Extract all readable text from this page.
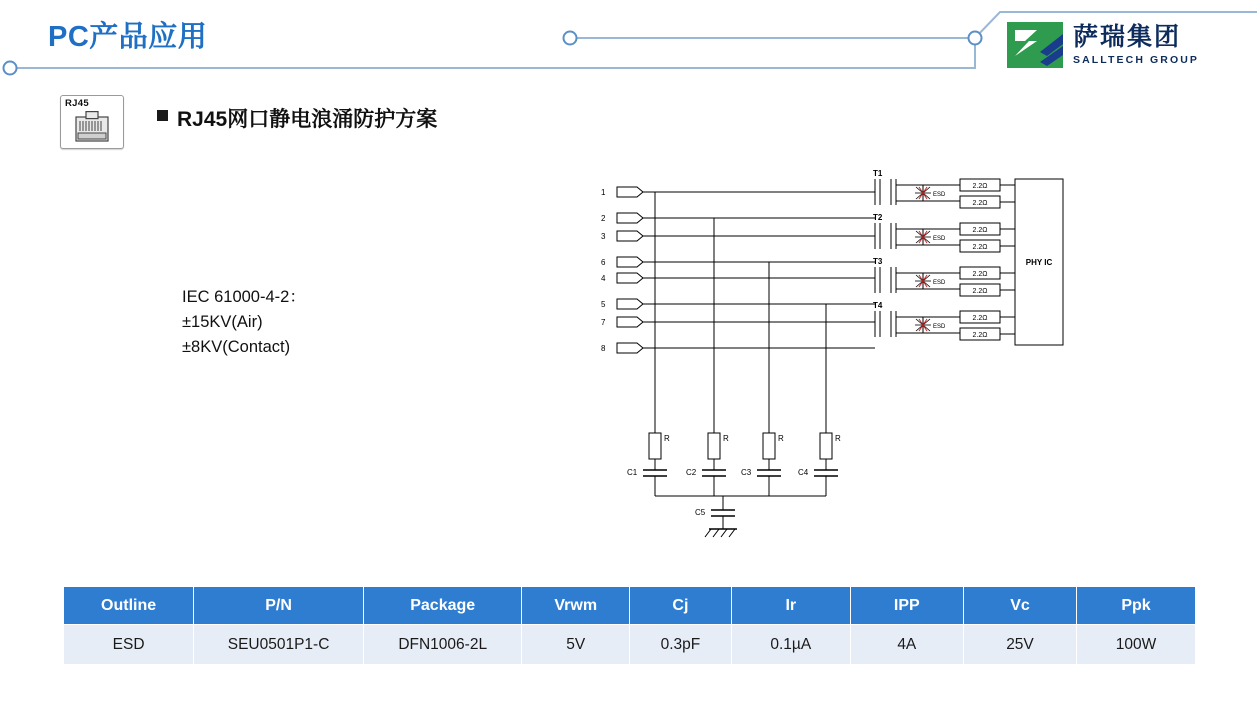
PC产品应用	萨瑞集团
SALLTECH GROUP
RJ45
RJ45网口静电浪涌防护方案
IEC 61000-4-2：
±15KV(Air)
±8KV(Contact)
1
2
3
6
4
5
7
8
T1
T2
T3
T4
ESD
ESD
ESD
ESD
2.2Ω
2.2Ω
2.2Ω
2.2Ω
2.2Ω
2.2Ω
2.2Ω
2.2Ω
PHY IC
R	R	R	R
C1	C2	C3	C4
C5
Outline	P/N	Package	Vrwm	Cj	Ir	IPP	Vc	Ppk
ESD	SEU0501P1-C	DFN1006-2L	5V	0.3pF	0.1µA	4A	25V	100W
